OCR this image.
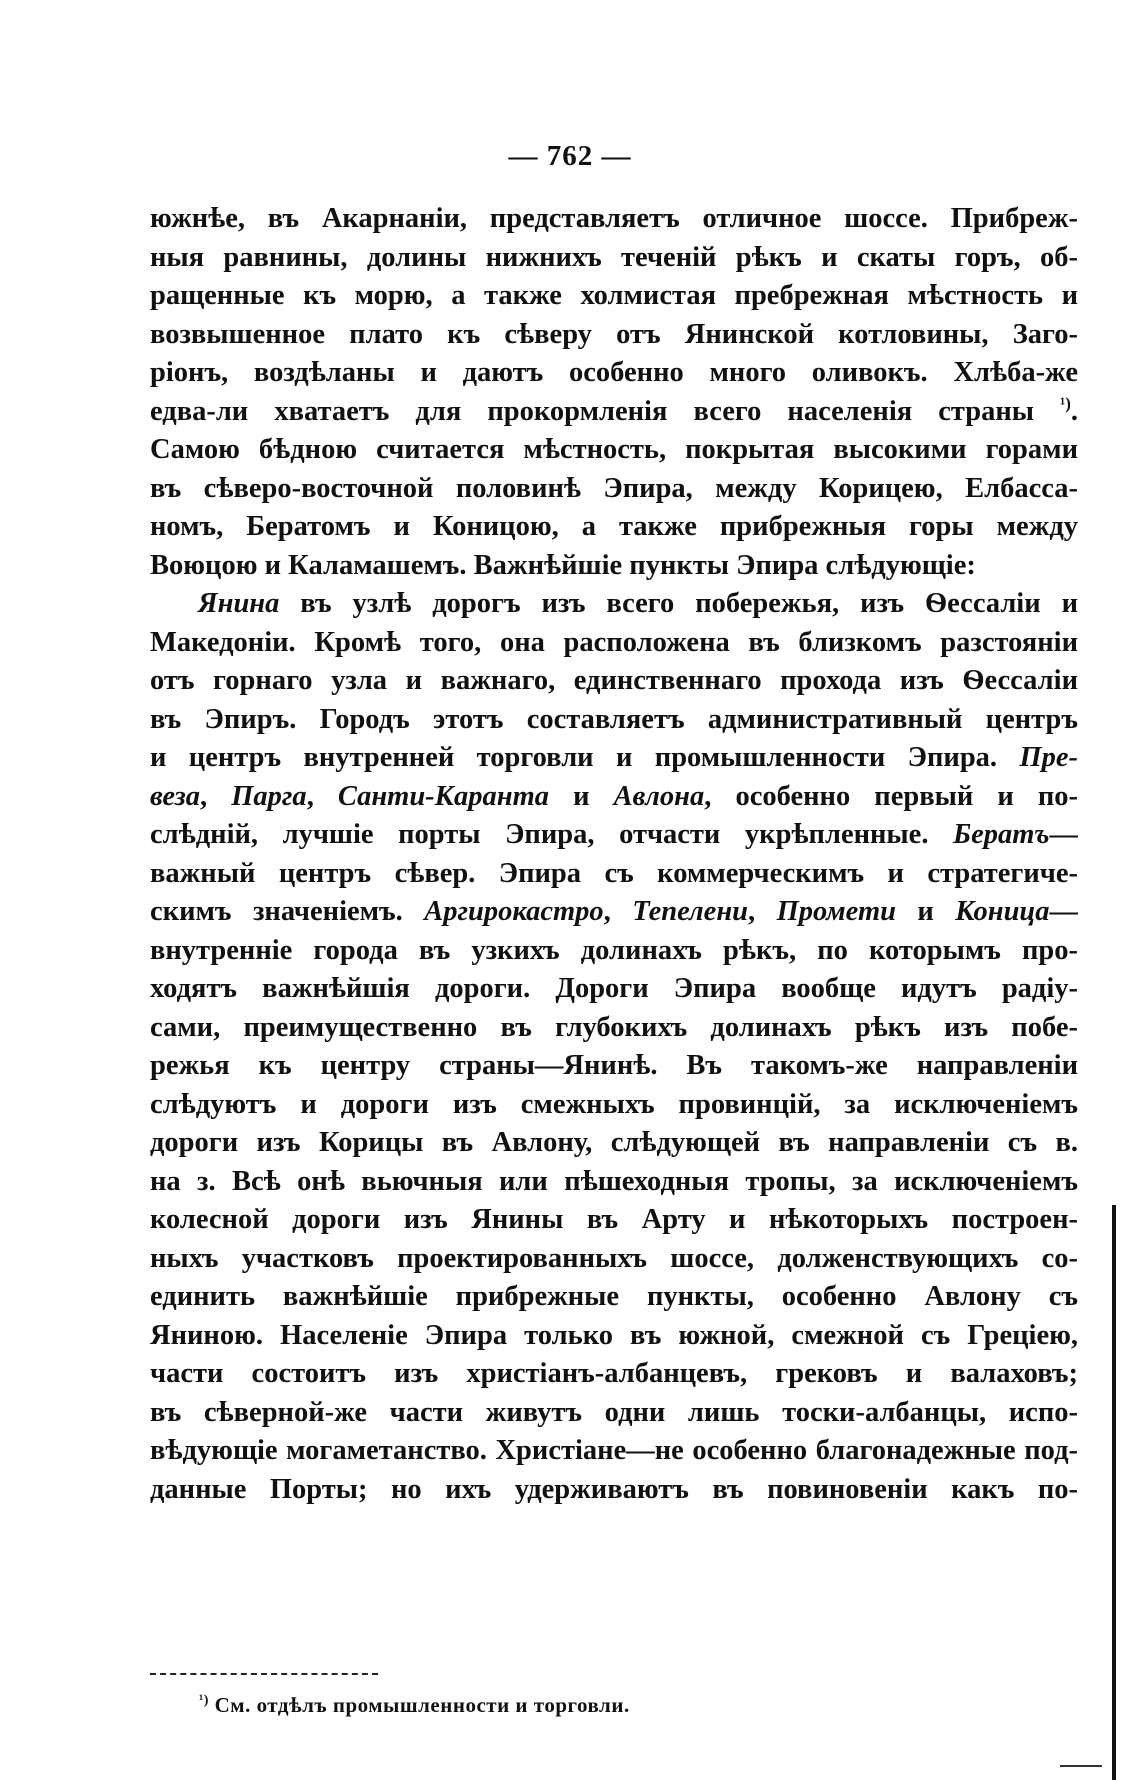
— 762 —
южнѣе, въ Акарнаніи, представляетъ отличное шоссе. Прибреж-
ныя равнины, долины нижнихъ теченій рѣкъ и скаты горъ, об-
ращенные къ морю, а также холмистая пребрежная мѣстность и
возвышенное плато къ сѣверу отъ Янинской котловины, Заго-
ріонъ, воздѣланы и даютъ особенно много оливокъ. Хлѣба-же
едва-ли хватаетъ для прокормленія всего населенія страны $^{^1)}$.
Самою бѣдною считается мѣстность, покрытая высокими горами
въ сѣверо-восточной половинѣ Эпира, между Корицею, Елбасса-
номъ, Бератомъ и Коницою, а также прибрежныя горы между
Воюцою и Каламашемъ. Важнѣйшіе пункты Эпира слѣдующіе:
Янина въ узлѣ дорогъ изъ всего побережья, изъ Ѳессаліи и
Македоніи. Кромѣ того, она расположена въ близкомъ разстояніи
отъ горнаго узла и важнаго, единственнаго прохода изъ Ѳессаліи
въ Эпиръ. Городъ этотъ составляетъ административный центръ
и центръ внутренней торговли и промышленности Эпира. Пре-
веза, Парга, Санти-Каранта и Авлона, особенно первый и по-
слѣдній, лучшіе порты Эпира, отчасти укрѣпленные. Бератъ—
важный центръ сѣвер. Эпира съ коммерческимъ и стратегиче-
скимъ значеніемъ. Аргирокастро, Тепелени, Промети и Коница—
внутренніе города въ узкихъ долинахъ рѣкъ, по которымъ про-
ходятъ важнѣйшія дороги. Дороги Эпира вообще идутъ радіу-
сами, преимущественно въ глубокихъ долинахъ рѣкъ изъ побе-
режья къ центру страны—Янинѣ. Въ такомъ-же направленіи
слѣдуютъ и дороги изъ смежныхъ провинцій, за исключеніемъ
дороги изъ Корицы въ Авлону, слѣдующей въ направленіи съ в.
на з. Всѣ онѣ вьючныя или пѣшеходныя тропы, за исключеніемъ
колесной дороги изъ Янины въ Арту и нѣкоторыхъ построен-
ныхъ участковъ проектированныхъ шоссе, долженствующихъ со-
единить важнѣйшіе прибрежные пункты, особенно Авлону съ
Яниною. Населеніе Эпира только въ южной, смежной съ Греціею,
части состоитъ изъ христіанъ-албанцевъ, грековъ и валаховъ;
въ сѣверной-же части живутъ одни лишь тоски-албанцы, испо-
вѣдующіе могаметанство. Христіане—не особенно благонадежные под-
данные Порты; но ихъ удерживаютъ въ повиновеніи какъ по-
$^{^1)}$ См. отдѣлъ промышленности и торговли.
